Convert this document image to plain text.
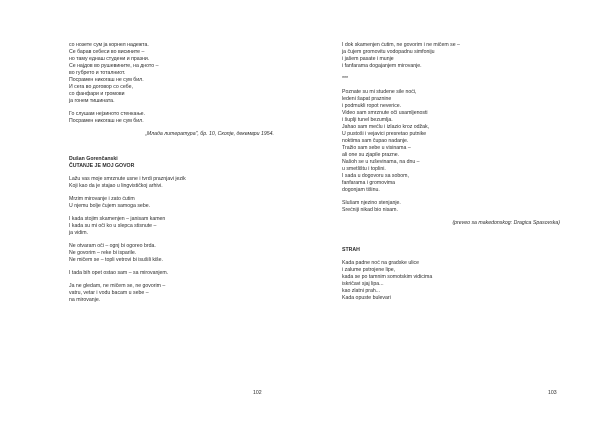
со нозете сум ја корнел надежта.
Се барав себеси во висините –
но таму еднаш студени и празни.
Се најдов во рушевините, на дното –
во губрето и тоталниот.
Посрамен никогаш не сум бил.
И сега во договор со себе,
со фанфари и громови
ја гонем тишината.
Го слушам нејзиното стенкање.
Посрамен никогаш не сум бил.
„Млада литература", бр. 10, Скопје, декември 1954.
Dušan Gorenčanski
ČUTANJE JE MOJ GOVOR
Lažu vas moje smrznute usne i tvrdi praznjavi jezik
Koji kao da je stajao u lingvističkoj arhivi.
Mrzim mirovanje i zato ćutim
U njemu bolje čujem samoga sebe.
I kada stojim skamenjen – janisam kamen
I kada su mi oči ko u slepca stisnute –
ja vidim.
Ne otvaram oči – ognj bi ogoreo brda.
Ne govorim – reke bi isparile.
Ne mičem se – topli vetrovi bi isušili kiše.
I tada bih opet ostao sam – sa mirovanjem.
Ja ne gledam, ne mičem se, ne govorim –
vatru, vetar i vodu bacam u sebe –
na mirovanje.
102
I dok skamenjen ćutim, ne govorim i ne mičem se –
ja čujem gromovitu vodopadnu simfoniju
i jašem pasate i munje
i fanfarama dogajanjem mirovanje.
***
Poznate su mi studene sile noći,
ledeni šapat praznine
i podmukli ropot neverice.
Video sam smrznute oči usamljenosti
i šuplji tunel bezumlja.
Jahao sam mećlu i izlazio kroz odžak,
U pustoši i vejavici presretao putnike
noktima sam čupao nadanje.
Tražio sam sebe u visinama –
ali one su zjapile prazne.
Našoh se u ruševinama, na dnu –
u smetlištu i toplini.
I sada u dogovoru sa sobom,
fanfarama i gromovima
dogonjam tišinu.
Slušam njezino stenjanje.
Srećniji nikad bio nisam.
(preveo sa makedonskog: Dragica Spasovska)
STRAH
Kada padne noć na gradske ulice
i zalume pstrojene lipe,
kada se po tamnim somotskim vidicima
iskričavi sjaj lipa...
kao zlatni prah...
Kada opuste bulevari
103
